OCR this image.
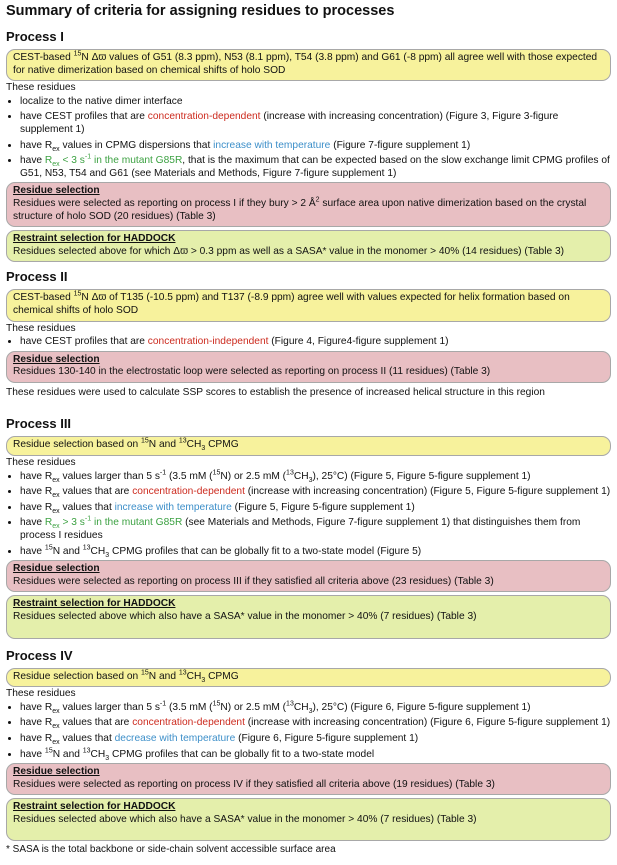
Summary of criteria for assigning residues to processes
Process I
CEST-based $^{15}$N Δϖ values of G51 (8.3 ppm), N53 (8.1 ppm), T54 (3.8 ppm) and G61 (-8 ppm) all agree well with those expected for native dimerization based on chemical shifts of holo SOD
These residues
• localize to the native dimer interface
• have CEST profiles that are concentration-dependent (increase with increasing concentration) (Figure 3, Figure 3-figure supplement 1)
• have $R_{ex}$ values in CPMG dispersions that increase with temperature (Figure 7-figure supplement 1)
• have $R_{ex} < 3$ $s^{-1}$ in the mutant G85R, that is the maximum that can be expected based on the slow exchange limit CPMG profiles of G51, N53, T54 and G61 (see Materials and Methods, Figure 7-figure supplement 1)
Residue selection
Residues were selected as reporting on process I if they bury > 2 $Å^2$ surface area upon native dimerization based on the crystal structure of holo SOD (20 residues) (Table 3)
Restraint selection for HADDOCK
Residues selected above for which Δϖ > 0.3 ppm as well as a SASA* value in the monomer > 40% (14 residues) (Table 3)
Process II
CEST-based $^{15}$N Δϖ of T135 (-10.5 ppm) and T137 (-8.9 ppm) agree well with values expected for helix formation based on chemical shifts of holo SOD
These residues
• have CEST profiles that are concentration-independent (Figure 4, Figure4-figure supplement 1)
Residue selection
Residues 130-140 in the electrostatic loop were selected as reporting on process II (11 residues) (Table 3)
These residues were used to calculate SSP scores to establish the presence of increased helical structure in this region
Process III
Residue selection based on $^{15}$N and $^{13}CH_3$ CPMG
These residues
• have $R_{ex}$ values larger than 5 $s^{-1}$ (3.5 mM ($^{15}$N) or 2.5 mM $(^{13}CH_3)$, 25°C) (Figure 5, Figure 5-figure supplement 1)
• have $R_{ex}$ values that are concentration-dependent (increase with increasing concentration) (Figure 5, Figure 5-figure supplement 1)
• have $R_{ex}$ values that increase with temperature (Figure 5, Figure 5-figure supplement 1)
• have $R_{ex} > 3$ $s^{-1}$ in the mutant G85R (see Materials and Methods, Figure 7-figure supplement 1) that distinguishes them from process I residues
• have $^{15}$N and $^{13}CH_3$ CPMG profiles that can be globally fit to a two-state model (Figure 5)
Residue selection
Residues were selected as reporting on process III if they satisfied all criteria above (23 residues) (Table 3)
Restraint selection for HADDOCK
Residues selected above which also have a SASA* value in the monomer > 40% (7 residues) (Table 3)
Process IV
Residue selection based on $^{15}$N and $^{13}CH_3$ CPMG
These residues
• have $R_{ex}$ values larger than 5 $s^{-1}$ (3.5 mM ($^{15}$N) or 2.5 mM $(^{13}CH_3)$, 25°C) (Figure 6, Figure 5-figure supplement 1)
• have $R_{ex}$ values that are concentration-dependent (increase with increasing concentration) (Figure 6, Figure 5-figure supplement 1)
• have $R_{ex}$ values that decrease with temperature (Figure 6, Figure 5-figure supplement 1)
• have $^{15}$N and $^{13}CH_3$ CPMG profiles that can be globally fit to a two-state model
Residue selection
Residues were selected as reporting on process IV if they satisfied all criteria above (19 residues) (Table 3)
Restraint selection for HADDOCK
Residues selected above which also have a SASA* value in the monomer > 40% (7 residues) (Table 3)
* SASA is the total backbone or side-chain solvent accessible surface area
